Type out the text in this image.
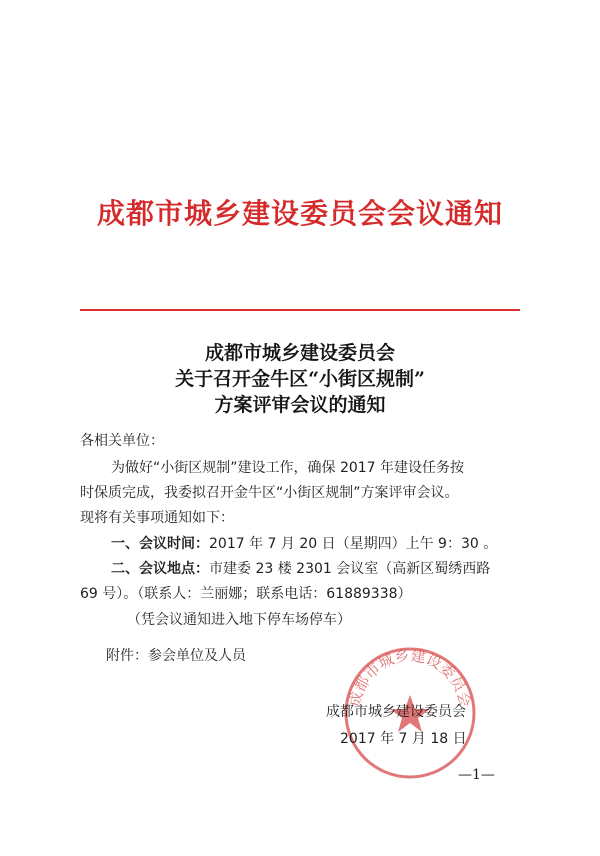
成都市城乡建设委员会会议通知
成都市城乡建设委员会
关于召开金牛区“小街区规制”
方案评审会议的通知
各相关单位：
为做好“小街区规制”建设工作，确保 2017 年建设任务按
时保质完成，我委拟召开金牛区“小街区规制”方案评审会议。
现将有关事项通知如下：
一、会议时间：2017 年 7 月 20 日（星期四）上午 9：30 。
二、会议地点：市建委 23 楼 2301 会议室（高新区蜀绣西路
69 号）。（联系人：兰丽娜；联系电话：61889338）
（凭会议通知进入地下停车场停车）
附件：参会单位及人员
成都市城乡建设委员会
成都市城乡建设委员会
2017 年 7 月 18 日
—1—
